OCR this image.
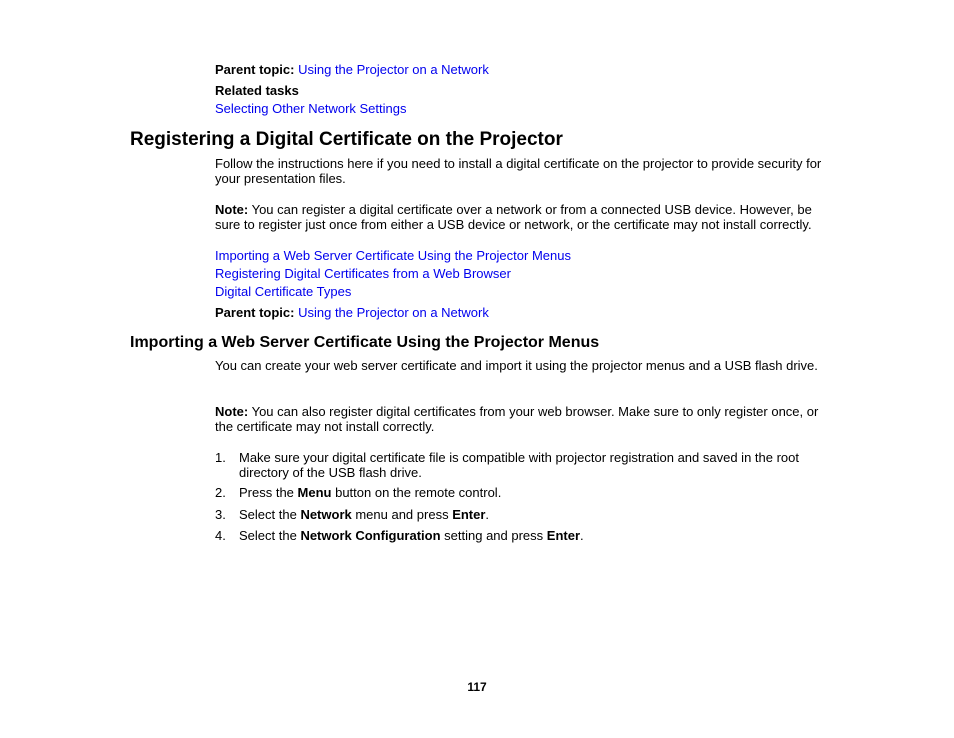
Parent topic: Using the Projector on a Network

Related tasks

Selecting Other Network Settings

Registering a Digital Certificate on the Projector

Follow the instructions here if you need to install a digital certificate on the projector to provide security for your presentation files.

Note: You can register a digital certificate over a network or from a connected USB device. However, be sure to register just once from either a USB device or network, or the certificate may not install correctly.

Importing a Web Server Certificate Using the Projector Menus

Registering Digital Certificates from a Web Browser

Digital Certificate Types

Parent topic: Using the Projector on a Network

Importing a Web Server Certificate Using the Projector Menus

You can create your web server certificate and import it using the projector menus and a USB flash drive.

Note: You can also register digital certificates from your web browser. Make sure to only register once, or the certificate may not install correctly.

1. Make sure your digital certificate file is compatible with projector registration and saved in the root directory of the USB flash drive.
2. Press the Menu button on the remote control.
3. Select the Network menu and press Enter.
4. Select the Network Configuration setting and press Enter.
117
